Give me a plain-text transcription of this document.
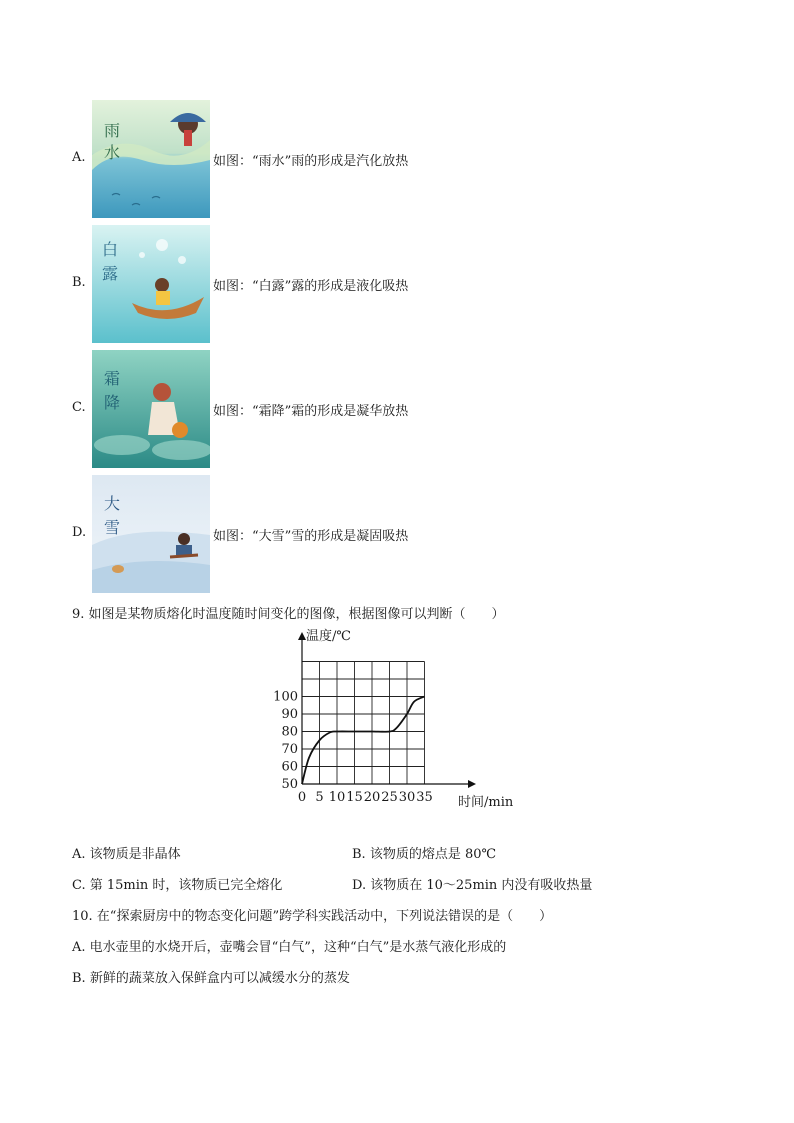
A.
雨
水	如图：“雨水”雨的形成是汽化放热
B.
白
露
如图：“白露”露的形成是液化吸热
C.
霜
降	如图：“霜降”霜的形成是凝华放热
D.
大
雪	如图：“大雪”雪的形成是凝固吸热
9. 如图是某物质熔化时温度随时间变化的图像，根据图像可以判断（　　）
50
60
70
80
90
100
0 5 10 15 20 25 30 35
温度/℃
时间/min
A. 该物质是非晶体	B. 该物质的熔点是 80℃
C. 第 15min 时，该物质已完全熔化	D. 该物质在 10～25min 内没有吸收热量
10. 在“探索厨房中的物态变化问题”跨学科实践活动中，下列说法错误的是（　　）
A. 电水壶里的水烧开后，壶嘴会冒“白气”，这种“白气”是水蒸气液化形成的
B. 新鲜的蔬菜放入保鲜盒内可以减缓水分的蒸发
